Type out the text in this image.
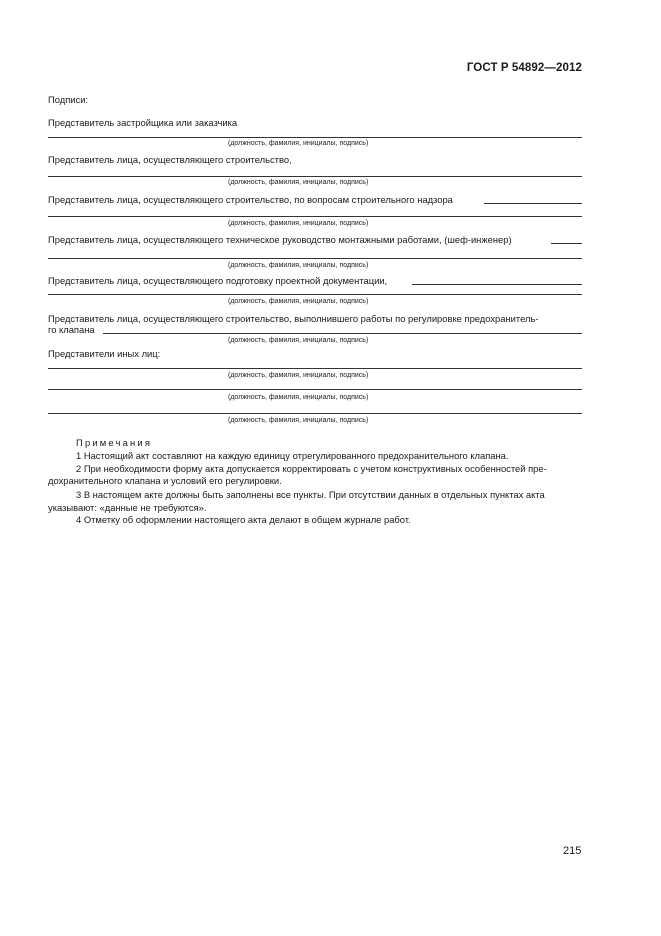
ГОСТ Р 54892—2012
Подписи:
Представитель застройщика или заказчика
(должность, фамилия, инициалы, подпись)
Представитель лица, осуществляющего строительство,
(должность, фамилия, инициалы, подпись)
Представитель лица, осуществляющего строительство, по вопросам строительного надзора
(должность, фамилия, инициалы, подпись)
Представитель лица, осуществляющего техническое руководство монтажными работами, (шеф-инженер)
(должность, фамилия, инициалы, подпись)
Представитель лица, осуществляющего подготовку проектной документации,
(должность, фамилия, инициалы, подпись)
Представитель лица, осуществляющего строительство, выполнившего работы по регулировке предохранитель-
го клапана
(должность, фамилия, инициалы, подпись)
Представители иных лиц:
(должность, фамилия, инициалы, подпись)
(должность, фамилия, инициалы, подпись)
(должность, фамилия, инициалы, подпись)
Примечания
1 Настоящий акт составляют на каждую единицу отрегулированного предохранительного клапана.
2 При необходимости форму акта допускается корректировать с учетом конструктивных особенностей пре-
дохранительного клапана и условий его регулировки.
3 В настоящем акте должны быть заполнены все пункты. При отсутствии данных в отдельных пунктах акта
указывают: «данные не требуются».
4 Отметку об оформлении настоящего акта делают в общем журнале работ.
215
